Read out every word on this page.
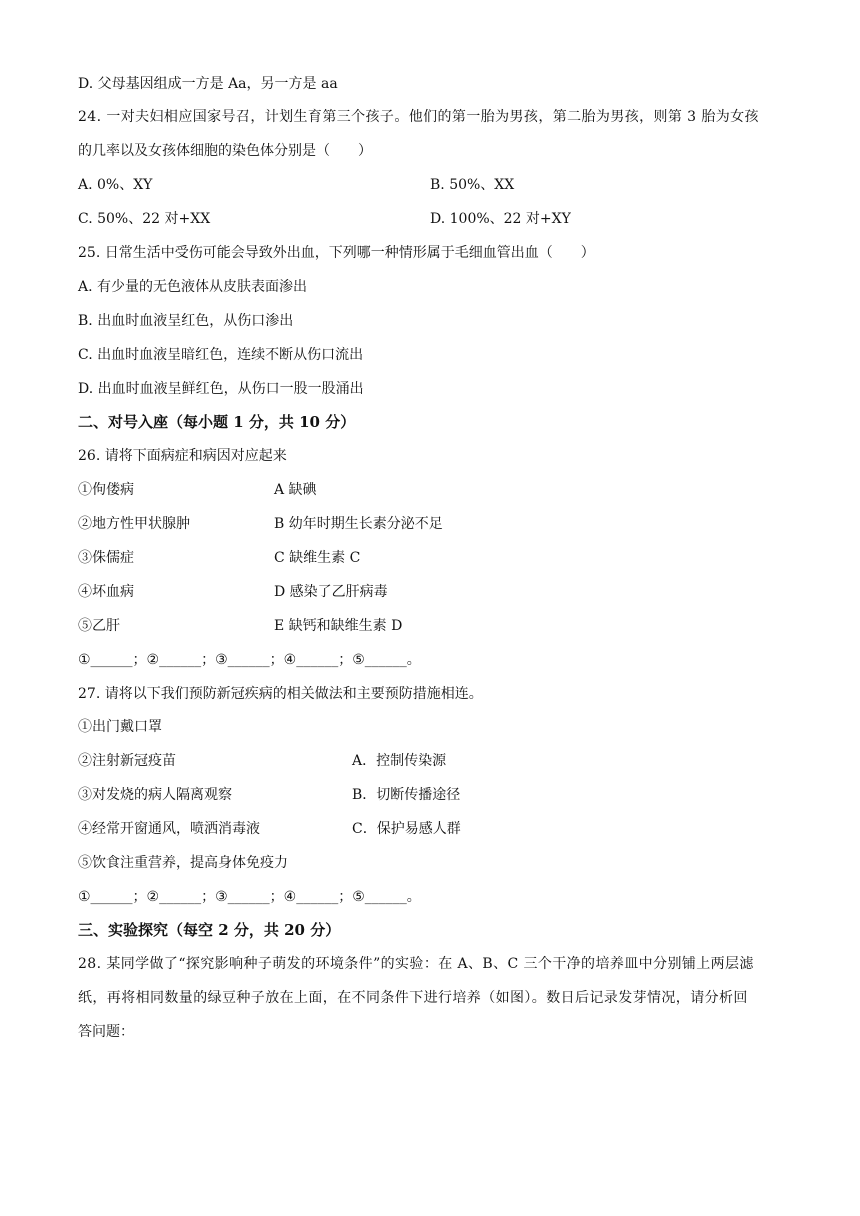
D. 父母基因组成一方是 Aa，另一方是 aa
24. 一对夫妇相应国家号召，计划生育第三个孩子。他们的第一胎为男孩，第二胎为男孩，则第 3 胎为女孩
的几率以及女孩体细胞的染色体分别是（　　）
A. 0%、XY	B. 50%、XX
C. 50%、22 对+XX	D. 100%、22 对+XY
25. 日常生活中受伤可能会导致外出血，下列哪一种情形属于毛细血管出血（　　）
A. 有少量的无色液体从皮肤表面渗出
B. 出血时血液呈红色，从伤口渗出
C. 出血时血液呈暗红色，连续不断从伤口流出
D. 出血时血液呈鲜红色，从伤口一股一股涌出
二、对号入座（每小题 1 分，共 10 分）
26. 请将下面病症和病因对应起来
①佝偻病	A 缺碘
②地方性甲状腺肿	B 幼年时期生长素分泌不足
③侏儒症	C 缺维生素 C
④坏血病	D 感染了乙肝病毒
⑤乙肝	E 缺钙和缺维生素 D
①______；②______；③______；④______；⑤______。
27. 请将以下我们预防新冠疾病的相关做法和主要预防措施相连。
①出门戴口罩
②注射新冠疫苗	A．控制传染源
③对发烧的病人隔离观察	B．切断传播途径
④经常开窗通风，喷洒消毒液	C．保护易感人群
⑤饮食注重营养，提高身体免疫力
①______；②______；③______；④______；⑤______。
三、实验探究（每空 2 分，共 20 分）
28. 某同学做了“探究影响种子萌发的环境条件”的实验：在 A、B、C 三个干净的培养皿中分别铺上两层滤
纸，再将相同数量的绿豆种子放在上面，在不同条件下进行培养（如图）。数日后记录发芽情况，请分析回
答问题：
